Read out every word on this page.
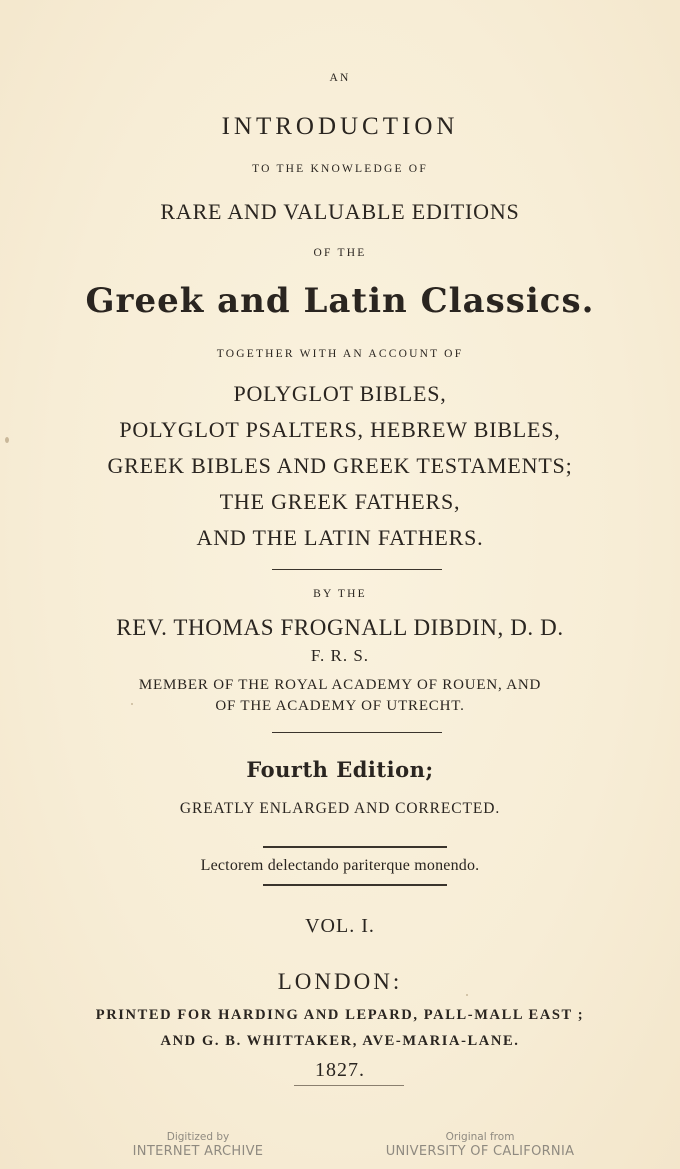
AN
INTRODUCTION
TO THE KNOWLEDGE OF
RARE AND VALUABLE EDITIONS
OF THE
Greek and Latin Classics.
TOGETHER WITH AN ACCOUNT OF
POLYGLOT BIBLES,
POLYGLOT PSALTERS, HEBREW BIBLES,
GREEK BIBLES AND GREEK TESTAMENTS;
THE GREEK FATHERS,
AND THE LATIN FATHERS.
BY THE
REV. THOMAS FROGNALL DIBDIN, D. D.
F. R. S.
MEMBER OF THE ROYAL ACADEMY OF ROUEN, AND
OF THE ACADEMY OF UTRECHT.
Fourth Edition;
GREATLY ENLARGED AND CORRECTED.
Lectorem delectando pariterque monendo.
VOL. I.
LONDON:
PRINTED FOR HARDING AND LEPARD, PALL-MALL EAST ;
AND G. B. WHITTAKER, AVE-MARIA-LANE.
1827.
Digitized by
INTERNET ARCHIVE
Original from
UNIVERSITY OF CALIFORNIA
